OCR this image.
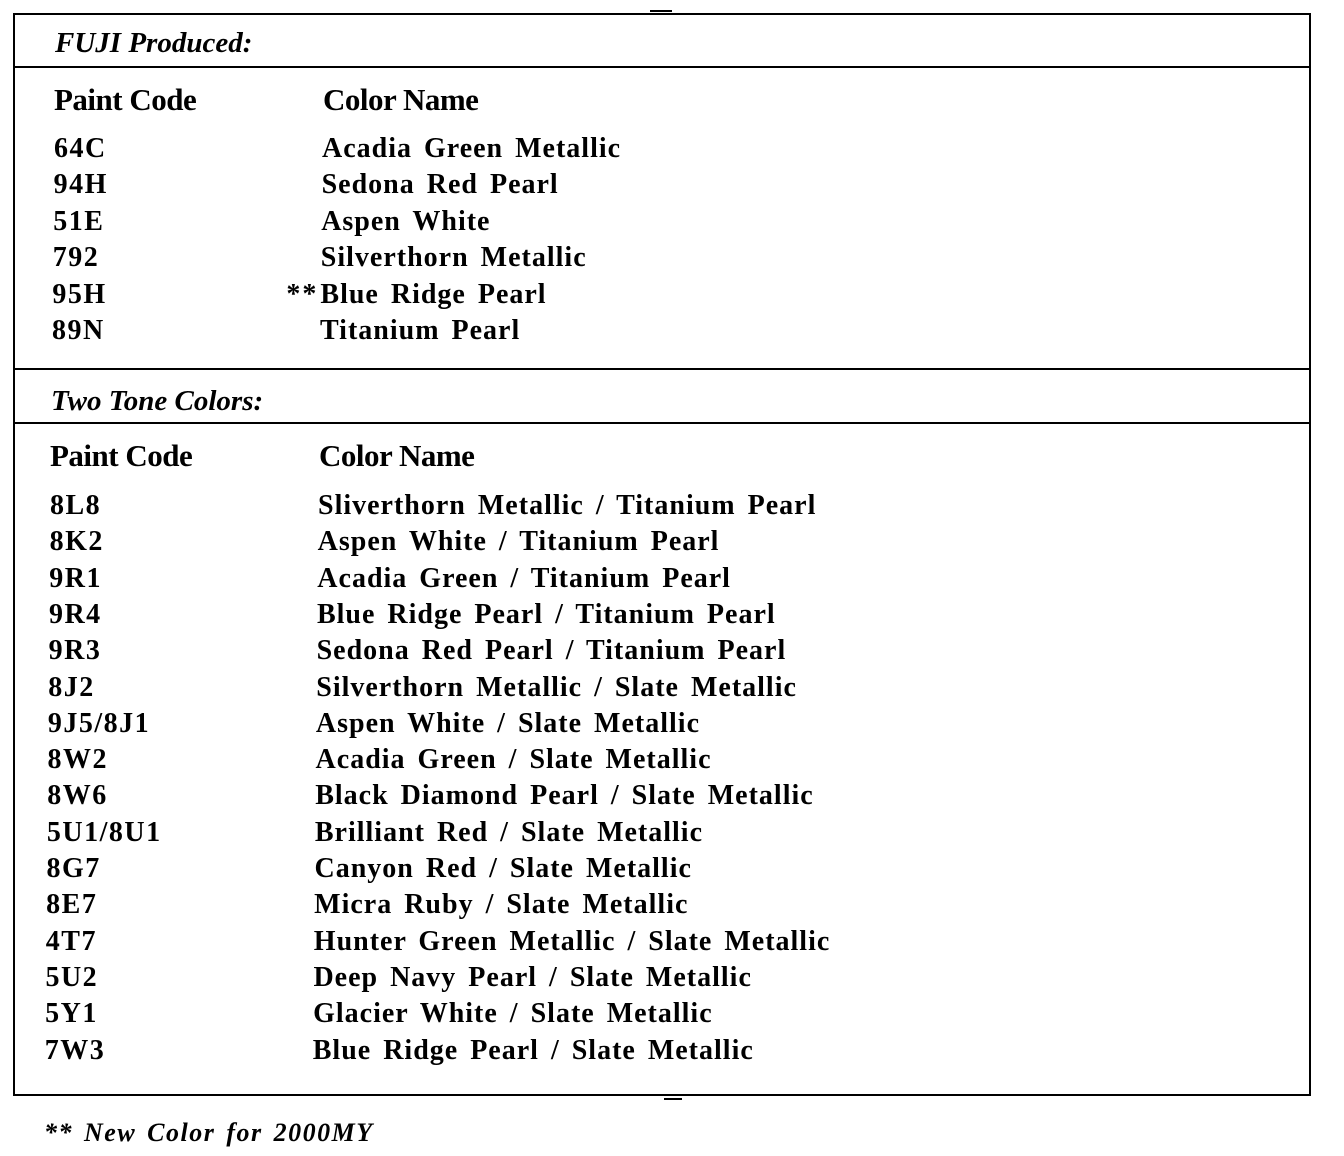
FUJI Produced:
Paint Code	Color Name
64C	Acadia Green Metallic
94H	Sedona Red Pearl
51E	Aspen White
792	Silverthorn Metallic
95H	** Blue Ridge Pearl
89N	Titanium Pearl
Two Tone Colors:
Paint Code	Color Name
8L8	Sliverthorn Metallic / Titanium Pearl
8K2	Aspen White / Titanium Pearl
9R1	Acadia Green / Titanium Pearl
9R4	Blue Ridge Pearl / Titanium Pearl
9R3	Sedona Red Pearl / Titanium Pearl
8J2	Silverthorn Metallic / Slate Metallic
9J5/8J1	Aspen White / Slate Metallic
8W2	Acadia Green / Slate Metallic
8W6	Black Diamond Pearl / Slate Metallic
5U1/8U1	Brilliant Red / Slate Metallic
8G7	Canyon Red / Slate Metallic
8E7	Micra Ruby / Slate Metallic
4T7	Hunter Green Metallic / Slate Metallic
5U2	Deep Navy Pearl / Slate Metallic
5Y1	Glacier White / Slate Metallic
7W3	Blue Ridge Pearl / Slate Metallic
** New Color for 2000MY
